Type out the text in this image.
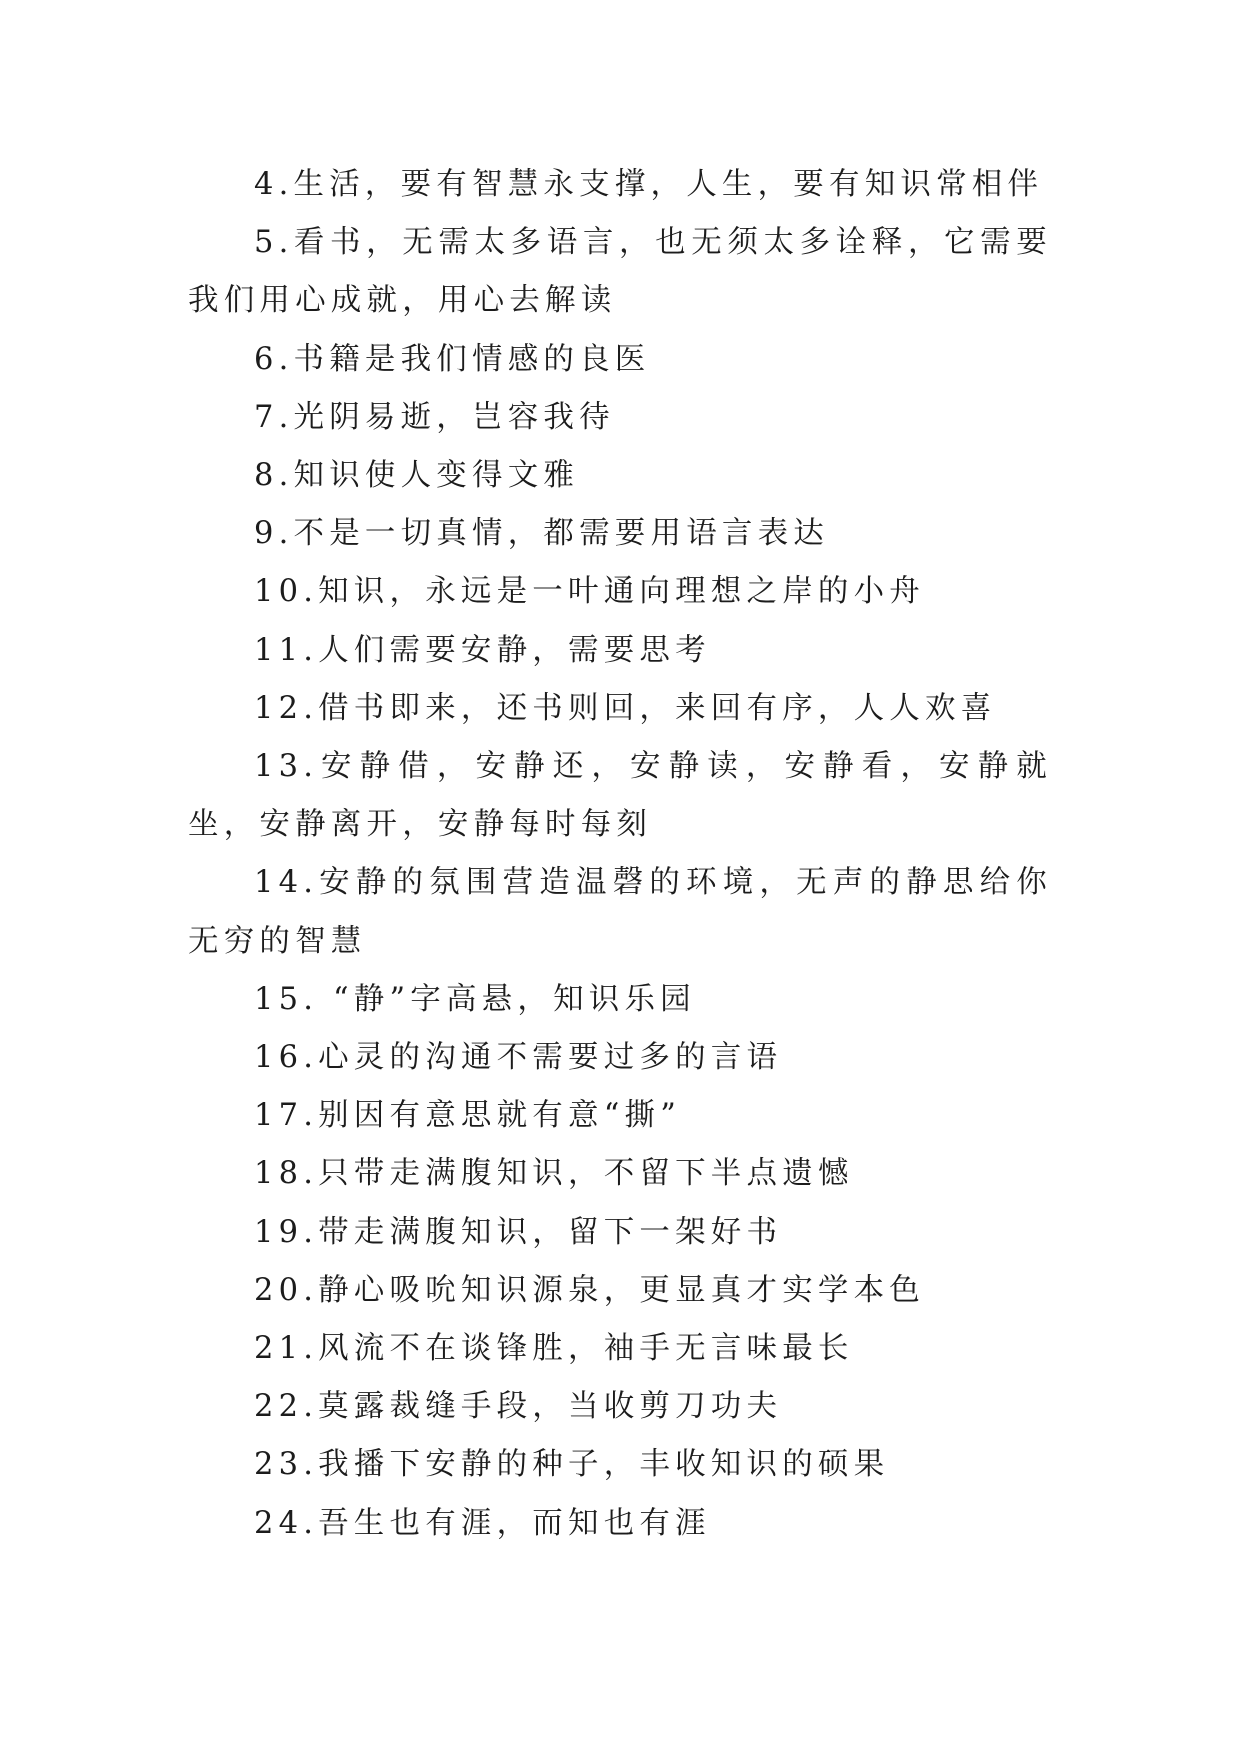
4.生活，要有智慧永支撑，人生，要有知识常相伴

5.看书，无需太多语言，也无须太多诠释，它需要我们用心成就，用心去解读

6.书籍是我们情感的良医

7.光阴易逝，岂容我待

8.知识使人变得文雅

9.不是一切真情，都需要用语言表达

10.知识，永远是一叶通向理想之岸的小舟

11.人们需要安静，需要思考

12.借书即来，还书则回，来回有序，人人欢喜

13.安静借，安静还，安静读，安静看，安静就坐，安静离开，安静每时每刻

14.安静的氛围营造温磬的环境，无声的静思给你无穷的智慧

15. “静”字高悬，知识乐园

16.心灵的沟通不需要过多的言语

17.别因有意思就有意“撕”

18.只带走满腹知识，不留下半点遗憾

19.带走满腹知识，留下一架好书

20.静心吸吮知识源泉，更显真才实学本色

21.风流不在谈锋胜，袖手无言味最长

22.莫露裁缝手段，当收剪刀功夫

23.我播下安静的种子，丰收知识的硕果

24.吾生也有涯，而知也有涯
